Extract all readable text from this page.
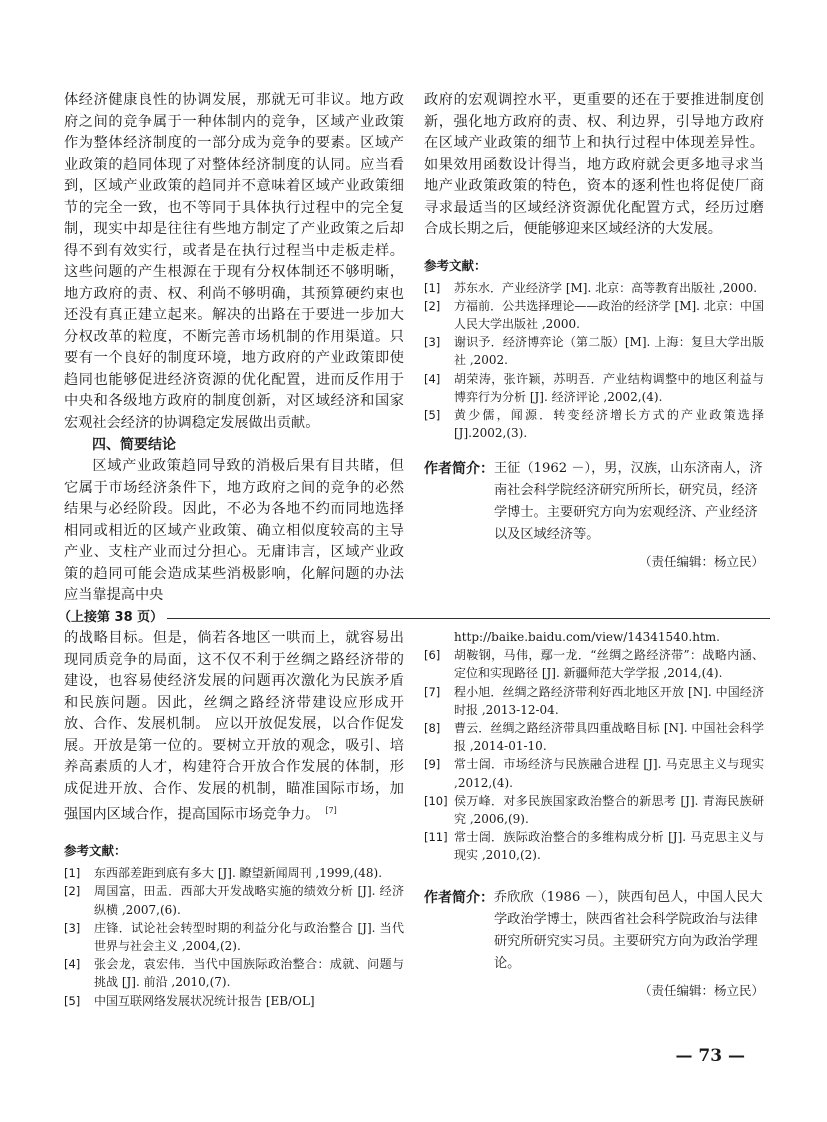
体经济健康良性的协调发展，那就无可非议。地方政府之间的竞争属于一种体制内的竞争，区域产业政策作为整体经济制度的一部分成为竞争的要素。区域产业政策的趋同体现了对整体经济制度的认同。应当看到，区域产业政策的趋同并不意味着区域产业政策细节的完全一致，也不等同于具体执行过程中的完全复制，现实中却是往往有些地方制定了产业政策之后却得不到有效实行，或者是在执行过程当中走板走样。这些问题的产生根源在于现有分权体制还不够明晰，地方政府的责、权、利尚不够明确，其预算硬约束也还没有真正建立起来。解决的出路在于要进一步加大分权改革的粒度，不断完善市场机制的作用渠道。只要有一个良好的制度环境，地方政府的产业政策即使趋同也能够促进经济资源的优化配置，进而反作用于中央和各级地方政府的制度创新，对区域经济和国家宏观社会经济的协调稳定发展做出贡献。

四、简要结论

区域产业政策趋同导致的消极后果有目共睹，但它属于市场经济条件下，地方政府之间的竞争的必然结果与必经阶段。因此，不必为各地不约而同地选择相同或相近的区域产业政策、确立相似度较高的主导产业、支柱产业而过分担心。无庸讳言，区域产业政策的趋同可能会造成某些消极影响，化解问题的办法应当靠提高中央

政府的宏观调控水平，更重要的还在于要推进制度创新，强化地方政府的责、权、利边界，引导地方政府在区域产业政策的细节上和执行过程中体现差异性。如果效用函数设计得当，地方政府就会更多地寻求当地产业政策政策的特色，资本的逐利性也将促使厂商寻求最适当的区域经济资源优化配置方式，经历过磨合成长期之后，便能够迎来区域经济的大发展。

参考文献：

[1] 苏东水．产业经济学 [M]. 北京：高等教育出版社 ,2000.
[2] 方福前．公共选择理论——政治的经济学 [M]. 北京：中国人民大学出版社 ,2000.
[3] 谢识予．经济博弈论（第二版）[M]. 上海：复旦大学出版社 ,2002.
[4] 胡荣涛，张许颖，苏明吾．产业结构调整中的地区利益与博弈行为分析 [J]. 经济评论 ,2002,(4).
[5] 黄少儒，闻源．转变经济增长方式的产业政策选择 [J].2002,(3).
作者简介： 王征（1962 －），男，汉族，山东济南人，济南社会科学院经济研究所所长，研究员，经济学博士。主要研究方向为宏观经济、产业经济以及区域经济等。
（责任编辑：杨立民）
（上接第 38 页）

的战略目标。但是，倘若各地区一哄而上，就容易出现同质竞争的局面，这不仅不利于丝绸之路经济带的建设，也容易使经济发展的问题再次激化为民族矛盾和民族问题。因此，丝绸之路经济带建设应形成开放、合作、发展机制。 应以开放促发展，以合作促发展。开放是第一位的。要树立开放的观念，吸引、培养高素质的人才，构建符合开放合作发展的体制，形成促进开放、合作、发展的机制，瞄准国际市场，加强国内区域合作，提高国际市场竞争力。 [7]

参考文献：

[1] 东西部差距到底有多大 [J]. 瞭望新闻周刊 ,1999,(48).
[2] 周国富，田盂．西部大开发战略实施的绩效分析 [J]. 经济纵横 ,2007,(6).
[3] 庄锋．试论社会转型时期的利益分化与政治整合 [J]. 当代世界与社会主义 ,2004,(2).
[4] 张会龙，袁宏伟．当代中国族际政治整合：成就、问题与挑战 [J]. 前沿 ,2010,(7).
[5] 中国互联网络发展状况统计报告 [EB/OL]
http://baike.baidu.com/view/14341540.htm.
[6] 胡鞍钢，马伟，鄢一龙．“丝绸之路经济带”：战略内涵、定位和实现路径 [J]. 新疆师范大学学报 ,2014,(4).
[7] 程小旭．丝绸之路经济带利好西北地区开放 [N]. 中国经济时报 ,2013-12-04.
[8] 曹云．丝绸之路经济带具四重战略目标 [N]. 中国社会科学报 ,2014-01-10.
[9] 常士訚．市场经济与民族融合进程 [J]. 马克思主义与现实 ,2012,(4).
[10] 侯万峰．对多民族国家政治整合的新思考 [J]. 青海民族研究 ,2006,(9).
[11] 常士訚．族际政治整合的多维构成分析 [J]. 马克思主义与现实 ,2010,(2).
作者简介： 乔欣欣（1986 －），陕西旬邑人，中国人民大学政治学博士，陕西省社会科学院政治与法律研究所研究实习员。主要研究方向为政治学理论。
（责任编辑：杨立民）
— 73 —
